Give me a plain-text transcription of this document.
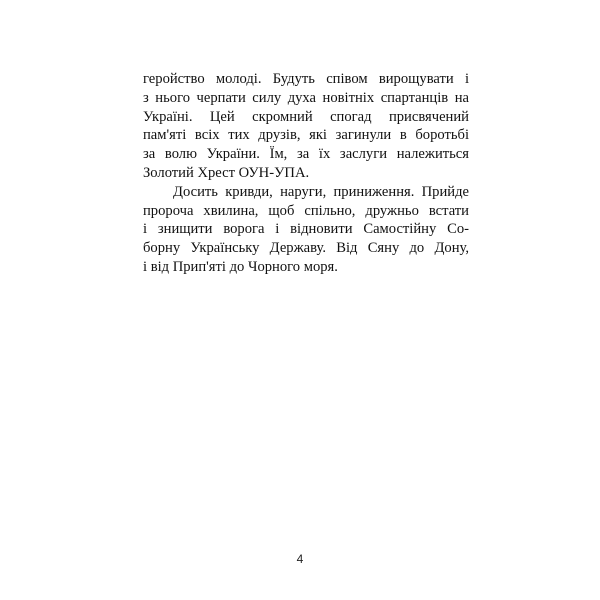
геройство молоді. Будуть співом вирощувати і
з нього черпати силу духа новітніх спартанців на
Україні. Цей скромний спогад присвячений
пам'яті всіх тих друзів, які загинули в боротьбі
за волю України. Їм, за їх заслуги належиться
Золотий Хрест ОУН-УПА.
Досить кривди, наруги, приниження. Прийде
пророча хвилина, щоб спільно, дружньо встати
і знищити ворога і відновити Самостійну Со-
борну Українську Державу. Від Сяну до Дону,
і від Прип'яті до Чорного моря.
4
